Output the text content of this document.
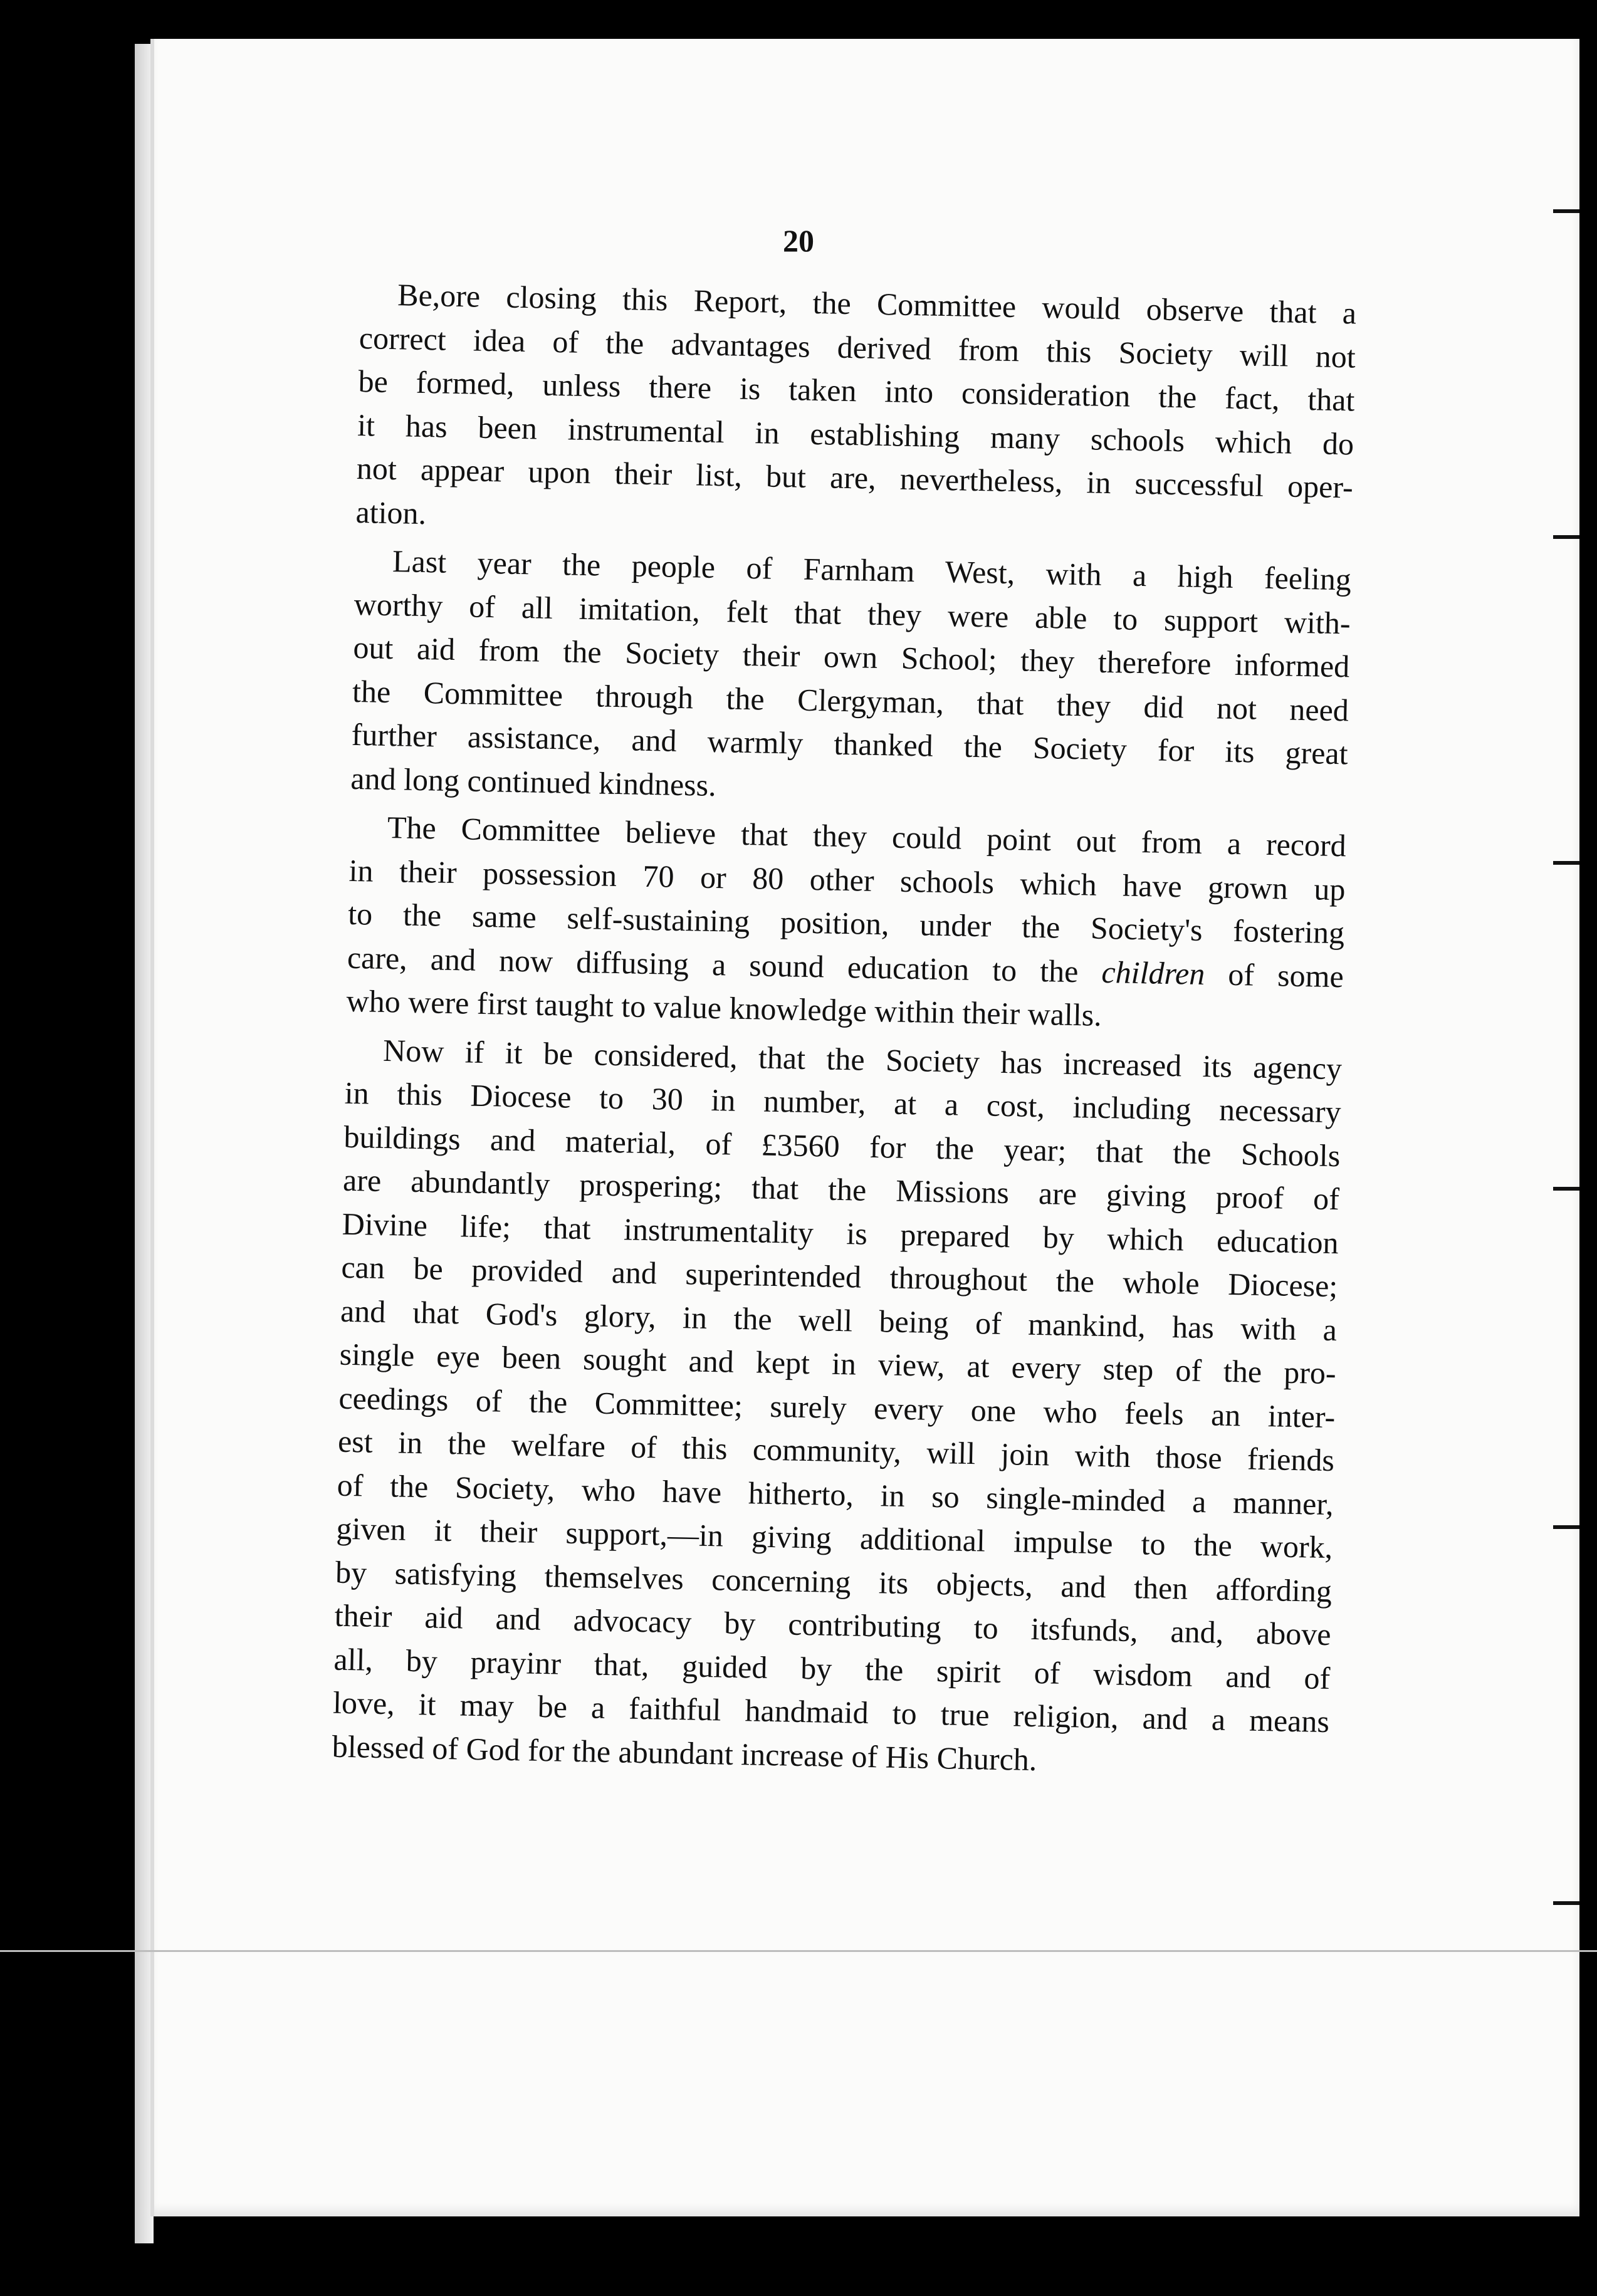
20
Be,ore closing this Report, the Committee would observe that a
correct idea of the advantages derived from this Society will not
be formed, unless there is taken into consideration the fact, that
it has been instrumental in establishing many schools which do
not appear upon their list, but are, nevertheless, in successful oper-
ation.
Last year the people of Farnham West, with a high feeling
worthy of all imitation, felt that they were able to support with-
out aid from the Society their own School; they therefore informed
the Committee through the Clergyman, that they did not need
further assistance, and warmly thanked the Society for its great
and long continued kindness.
The Committee believe that they could point out from a record
in their possession 70 or 80 other schools which have grown up
to the same self-sustaining position, under the Society's fostering
care, and now diffusing a sound education to the children of some
who were first taught to value knowledge within their walls.
Now if it be considered, that the Society has increased its agency
in this Diocese to 30 in number, at a cost, including necessary
buildings and material, of £3560 for the year; that the Schools
are abundantly prospering; that the Missions are giving proof of
Divine life; that instrumentality is prepared by which education
can be provided and superintended throughout the whole Diocese;
and ιhat God's glory, in the well being of mankind, has with a
single eye been sought and kept in view, at every step of the pro-
ceedings of the Committee; surely every one who feels an inter-
est in the welfare of this community, will join with those friends
of the Society, who have hitherto, in so single-minded a manner,
given it their support,—in giving additional impulse to the work,
by satisfying themselves concerning its objects, and then affording
their aid and advocacy by contributing to itsfunds, and, above
all, by prayinr that, guided by the spirit of wisdom and of
love, it may be a faithful handmaid to true religion, and a means
blessed of God for the abundant increase of His Church.
